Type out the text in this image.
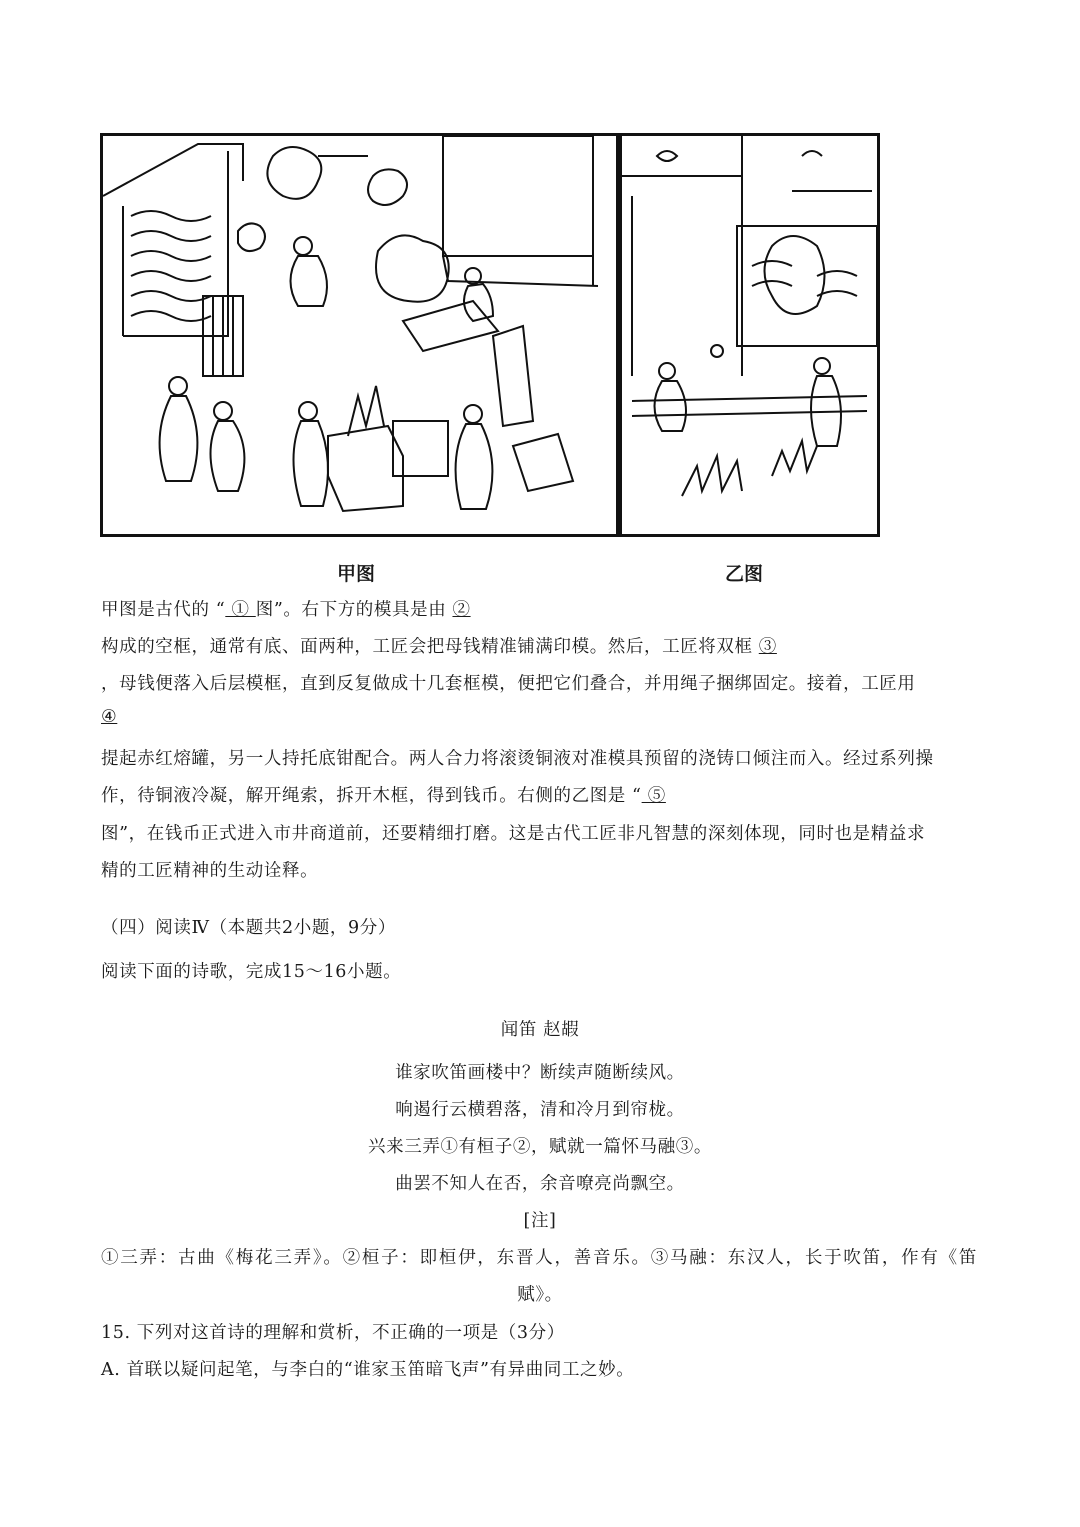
甲图	乙图
甲图是古代的 “ ① 图”。右下方的模具是由 ②
构成的空框，通常有底、面两种，工匠会把母钱精准铺满印模。然后，工匠将双框 ③
，母钱便落入后层模框，直到反复做成十几套框模，便把它们叠合，并用绳子捆绑固定。接着，工匠用
④
提起赤红熔罐，另一人持托底钳配合。两人合力将滚烫铜液对准模具预留的浇铸口倾注而入。经过系列操
作，待铜液冷凝，解开绳索，拆开木框，得到钱币。右侧的乙图是 “ ⑤
图”，在钱币正式进入市井商道前，还要精细打磨。这是古代工匠非凡智慧的深刻体现，同时也是精益求
精的工匠精神的生动诠释。
（四）阅读Ⅳ（本题共2小题，9分）
阅读下面的诗歌，完成15～16小题。
闻笛 赵嘏
谁家吹笛画楼中？断续声随断续风。
响遏行云横碧落，清和冷月到帘栊。
兴来三弄①有桓子②，赋就一篇怀马融③。
曲罢不知人在否，余音嘹亮尚飘空。
[注]
①三弄：古曲《梅花三弄》。②桓子：即桓伊，东晋人，善音乐。③马融：东汉人，长于吹笛，作有《笛
赋》。
15. 下列对这首诗的理解和赏析，不正确的一项是（3分）
A. 首联以疑问起笔，与李白的“谁家玉笛暗飞声”有异曲同工之妙。
